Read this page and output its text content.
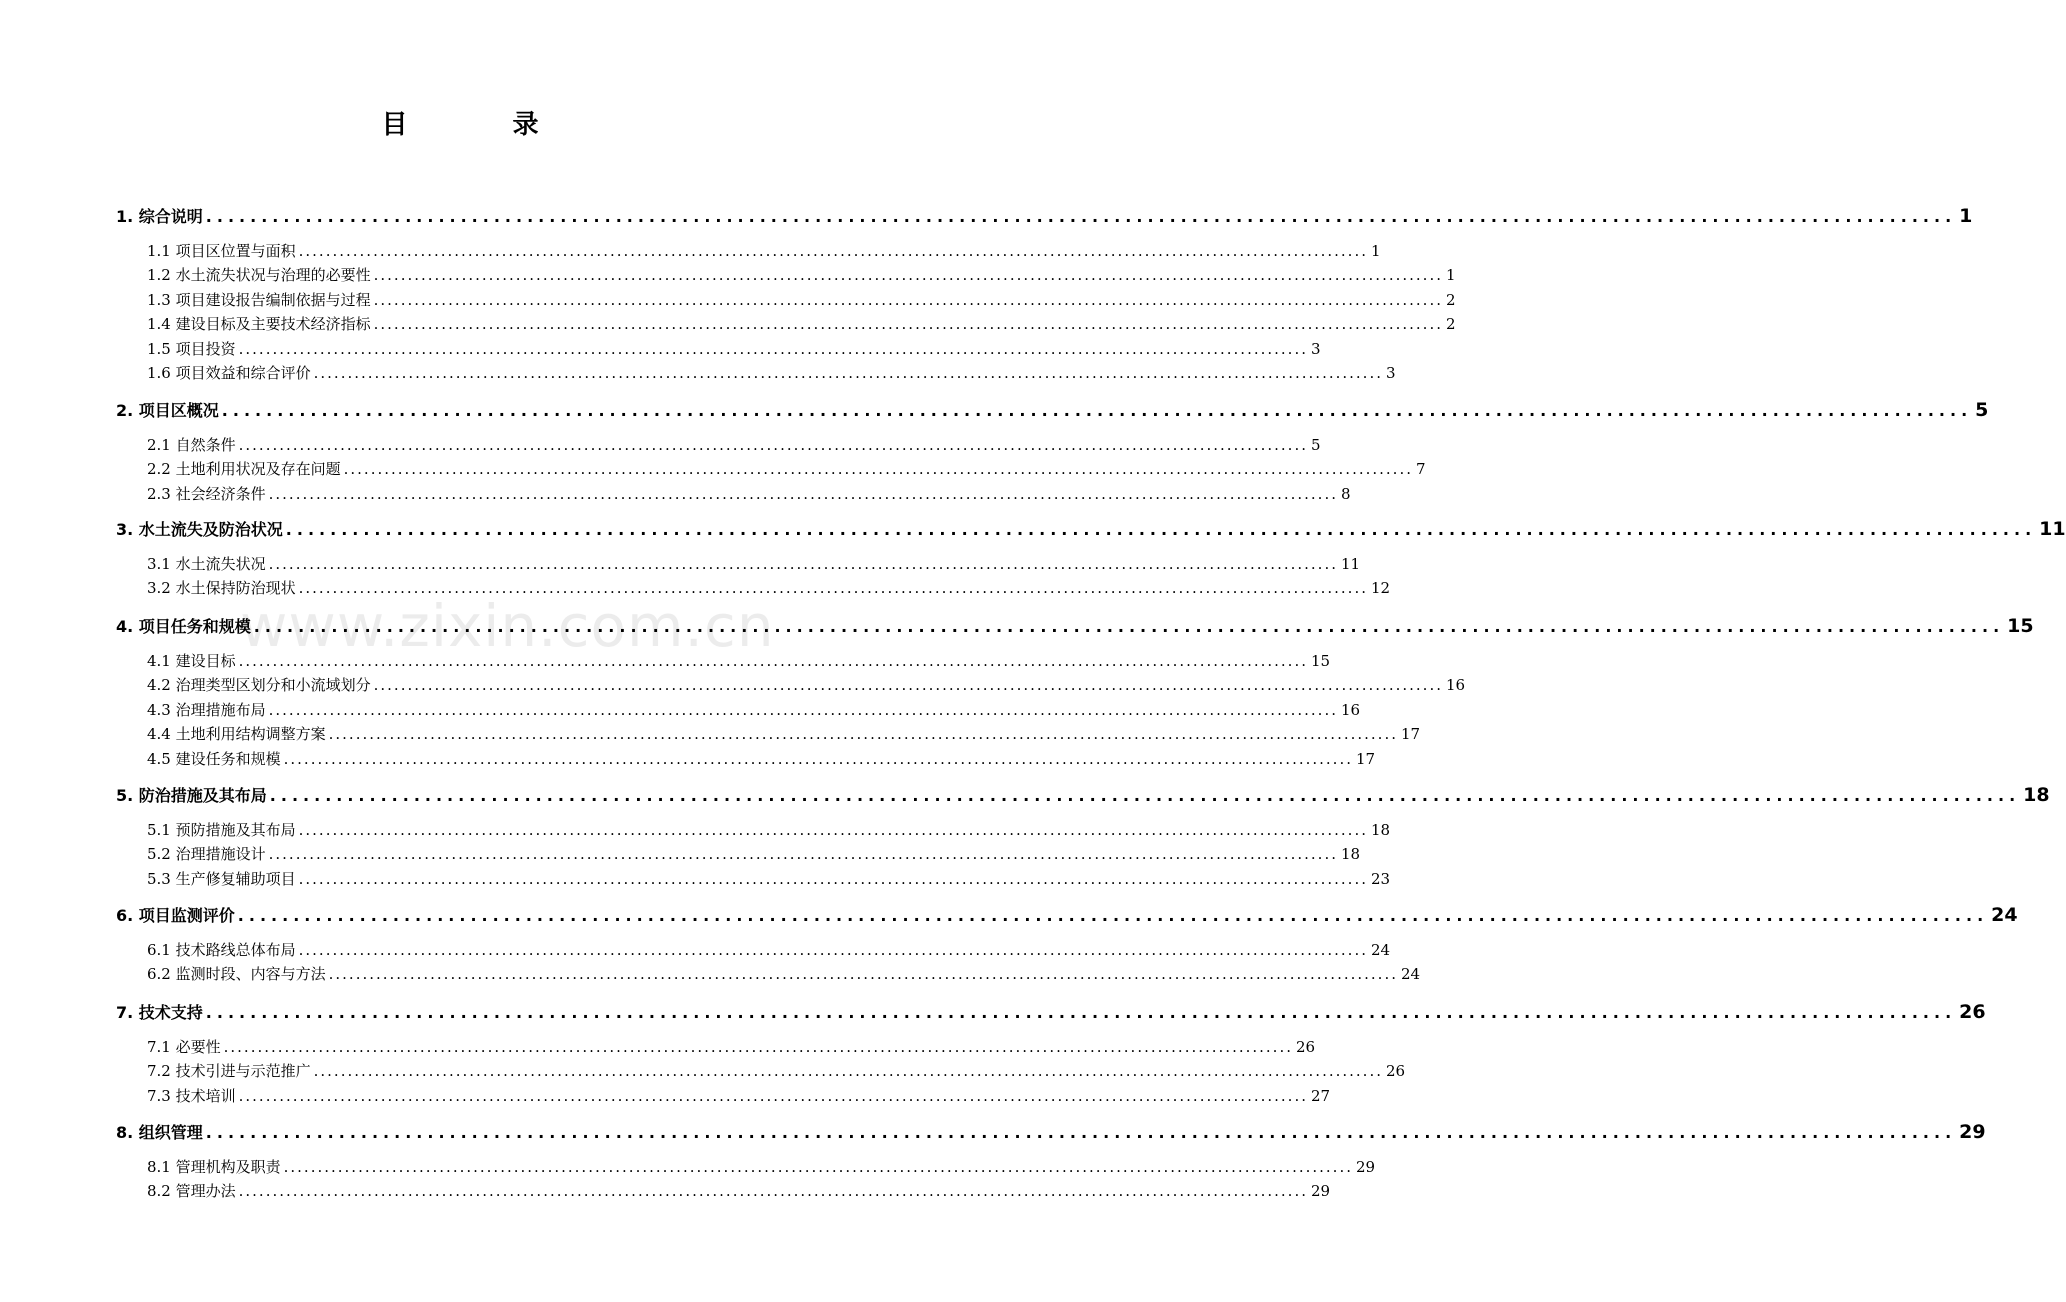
目 录
www.zixin.com.cn
1. 综合说明 .............................................................................................................................................................. 1
1.1 项目区位置与面积 .............................................................................................................................................................. 1
1.2 水土流失状况与治理的必要性 .............................................................................................................................................................. 1
1.3 项目建设报告编制依据与过程 .............................................................................................................................................................. 2
1.4 建设目标及主要技术经济指标 .............................................................................................................................................................. 2
1.5 项目投资 .............................................................................................................................................................. 3
1.6 项目效益和综合评价 .............................................................................................................................................................. 3
2. 项目区概况 .............................................................................................................................................................. 5
2.1 自然条件 .............................................................................................................................................................. 5
2.2 土地利用状况及存在问题 .............................................................................................................................................................. 7
2.3 社会经济条件 .............................................................................................................................................................. 8
3. 水土流失及防治状况 .............................................................................................................................................................. 11
3.1 水土流失状况 .............................................................................................................................................................. 11
3.2 水土保持防治现状 .............................................................................................................................................................. 12
4. 项目任务和规模 .............................................................................................................................................................. 15
4.1 建设目标 .............................................................................................................................................................. 15
4.2 治理类型区划分和小流域划分 .............................................................................................................................................................. 16
4.3 治理措施布局 .............................................................................................................................................................. 16
4.4 土地利用结构调整方案 .............................................................................................................................................................. 17
4.5 建设任务和规模 .............................................................................................................................................................. 17
5. 防治措施及其布局 .............................................................................................................................................................. 18
5.1 预防措施及其布局 .............................................................................................................................................................. 18
5.2 治理措施设计 .............................................................................................................................................................. 18
5.3 生产修复辅助项目 .............................................................................................................................................................. 23
6. 项目监测评价 .............................................................................................................................................................. 24
6.1 技术路线总体布局 .............................................................................................................................................................. 24
6.2 监测时段、内容与方法 .............................................................................................................................................................. 24
7. 技术支持 .............................................................................................................................................................. 26
7.1 必要性 .............................................................................................................................................................. 26
7.2 技术引进与示范推广 .............................................................................................................................................................. 26
7.3 技术培训 .............................................................................................................................................................. 27
8. 组织管理 .............................................................................................................................................................. 29
8.1 管理机构及职责 .............................................................................................................................................................. 29
8.2 管理办法 .............................................................................................................................................................. 29
